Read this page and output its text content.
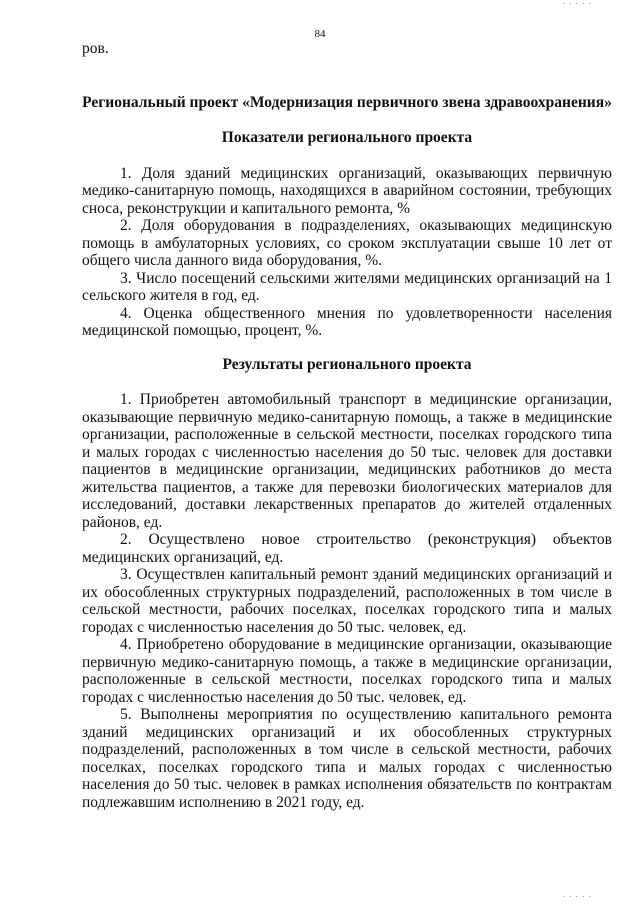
. . . . .
84

ров.

Региональный проект «Модернизация первичного звена здравоохранения»
Показатели регионального проекта
1. Доля зданий медицинских организаций, оказывающих первичную медико-санитарную помощь, находящихся в аварийном состоянии, требующих сноса, реконструкции и капитального ремонта, %
2. Доля оборудования в подразделениях, оказывающих медицинскую помощь в амбулаторных условиях, со сроком эксплуатации свыше 10 лет от общего числа данного вида оборудования, %.
3. Число посещений сельскими жителями медицинских организаций на 1 сельского жителя в год, ед.
4. Оценка общественного мнения по удовлетворенности населения медицинской помощью, процент, %.
Результаты регионального проекта
1. Приобретен автомобильный транспорт в медицинские организации, оказывающие первичную медико-санитарную помощь, а также в медицинские организации, расположенные в сельской местности, поселках городского типа и малых городах с численностью населения до 50 тыс. человек для доставки пациентов в медицинские организации, медицинских работников до места жительства пациентов, а также для перевозки биологических материалов для исследований, доставки лекарственных препаратов до жителей отдаленных районов, ед.
2. Осуществлено новое строительство (реконструкция) объектов медицинских организаций, ед.
3. Осуществлен капитальный ремонт зданий медицинских организаций и их обособленных структурных подразделений, расположенных в том числе в сельской местности, рабочих поселках, поселках городского типа и малых городах с численностью населения до 50 тыс. человек, ед.
4. Приобретено оборудование в медицинские организации, оказывающие первичную медико-санитарную помощь, а также в медицинские организации, расположенные в сельской местности, поселках городского типа и малых городах с численностью населения до 50 тыс. человек, ед.
5. Выполнены мероприятия по осуществлению капитального ремонта зданий медицинских организаций и их обособленных структурных подразделений, расположенных в том числе в сельской местности, рабочих поселках, поселках городского типа и малых городах с численностью населения до 50 тыс. человек в рамках исполнения обязательств по контрактам подлежавшим исполнению в 2021 году, ед.
. . . . .
